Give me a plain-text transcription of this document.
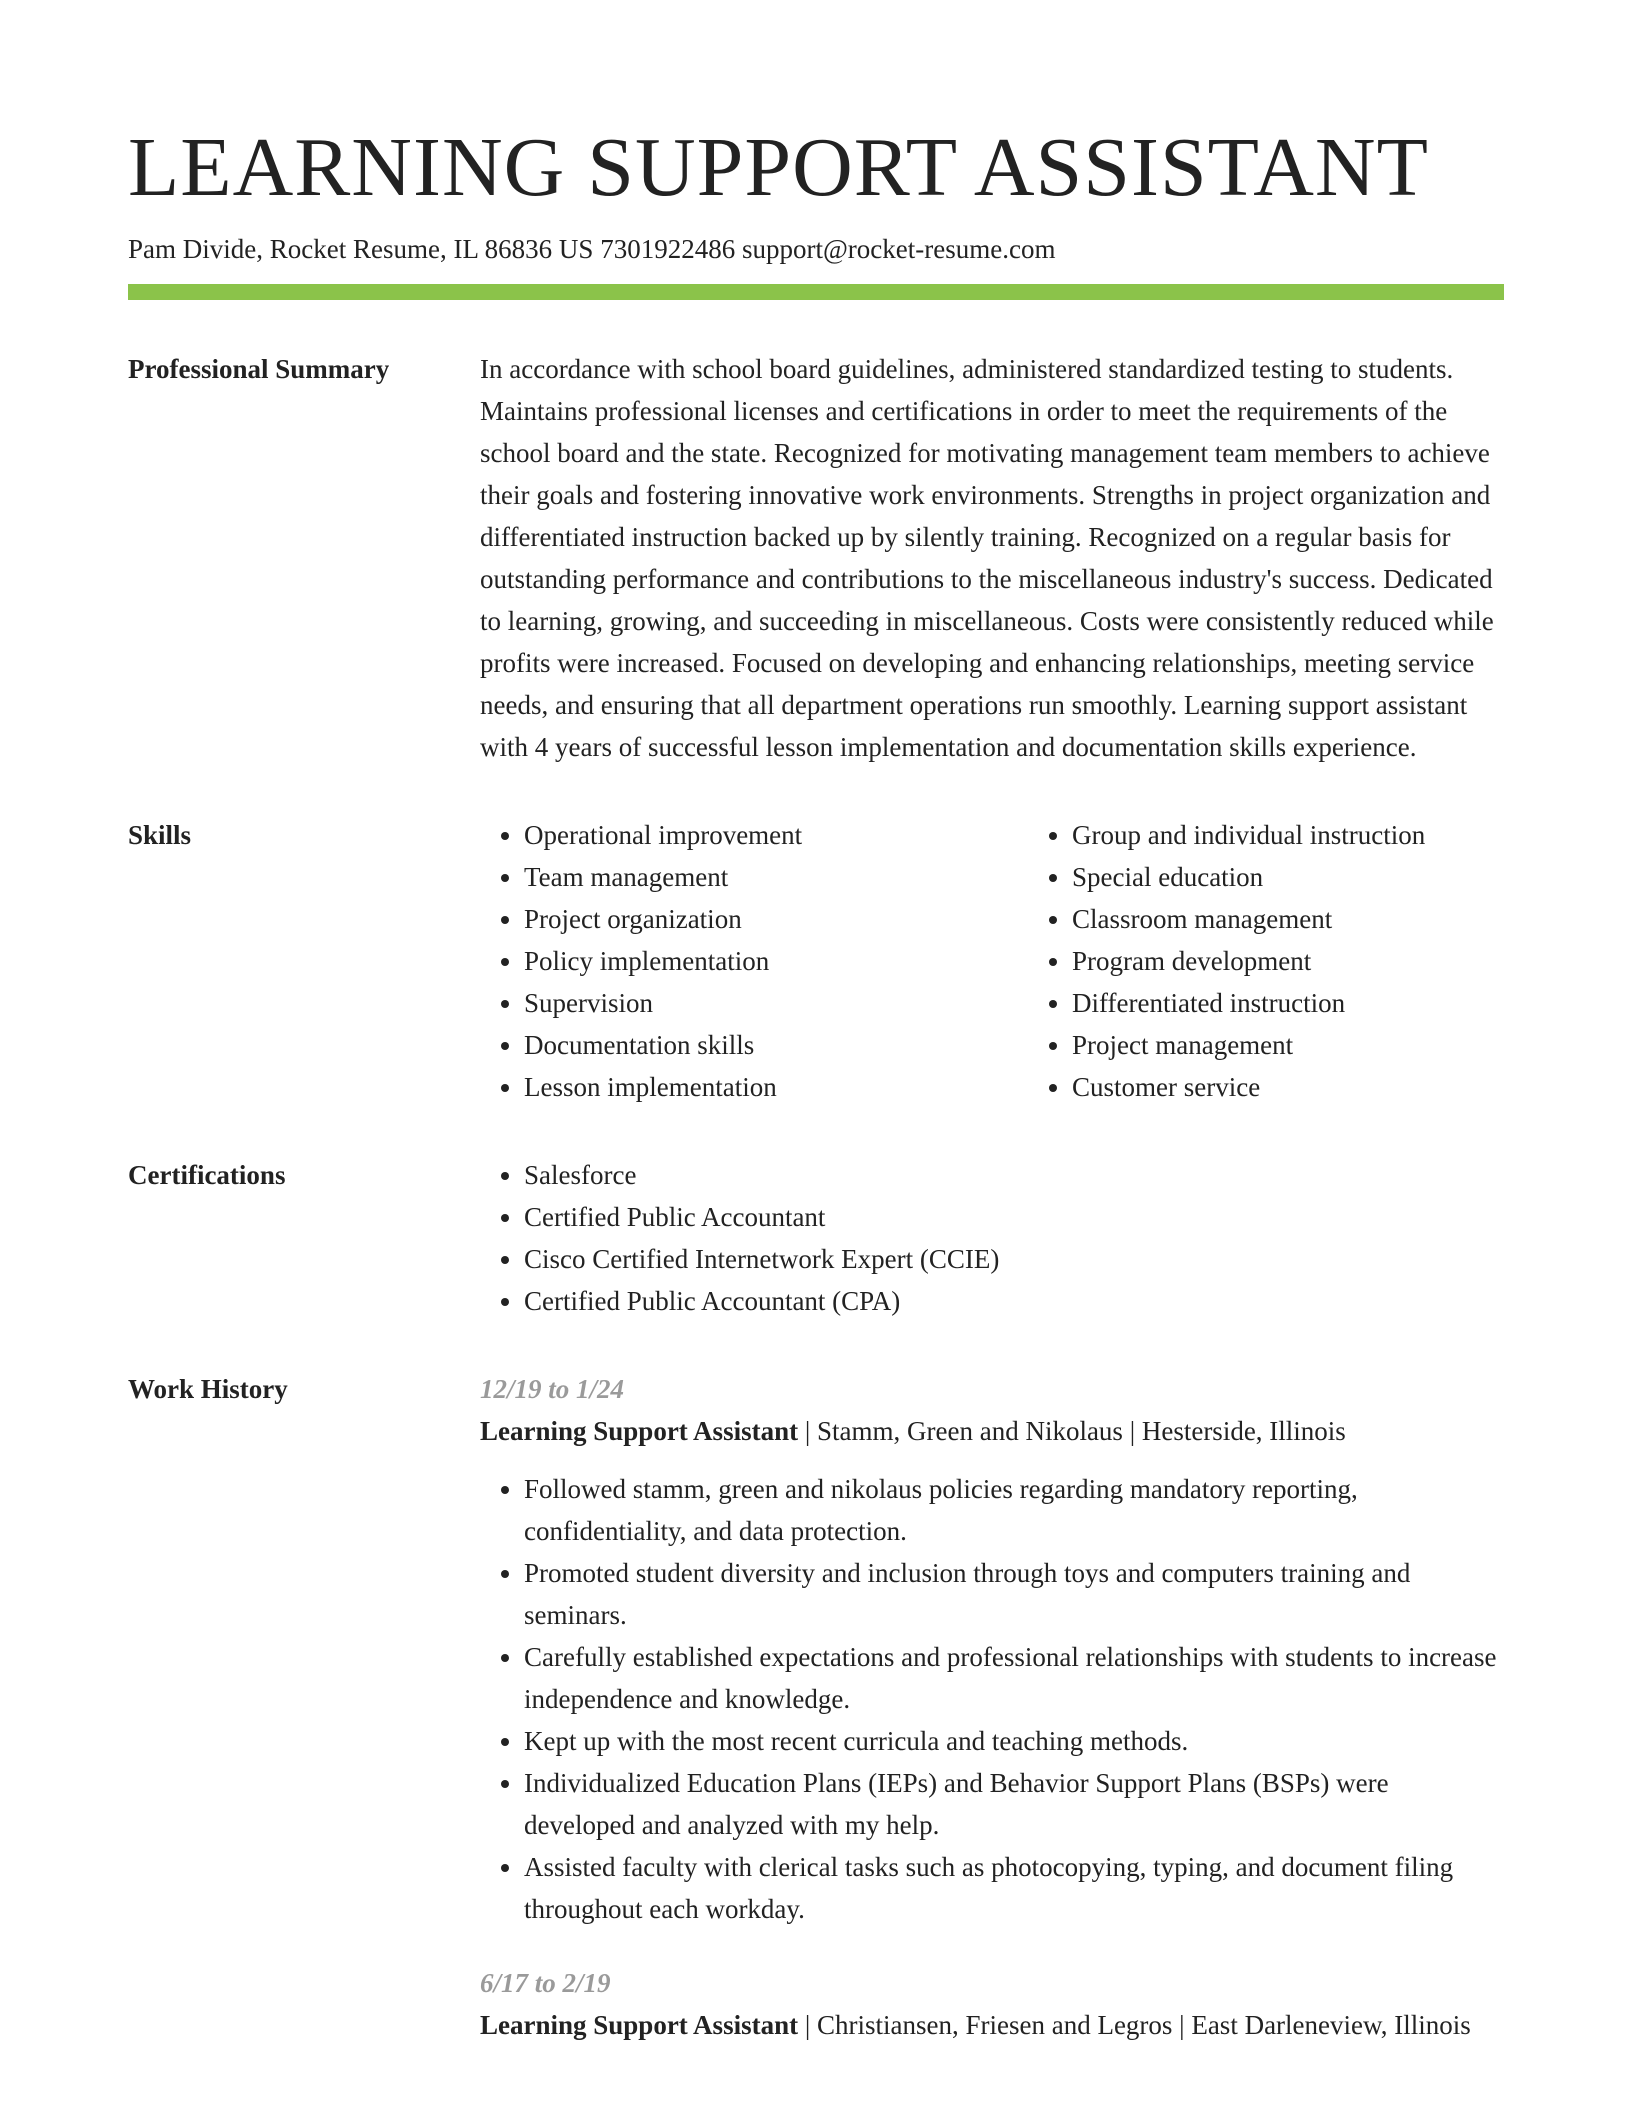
LEARNING SUPPORT ASSISTANT
Pam Divide, Rocket Resume, IL 86836 US 7301922486 support@rocket-resume.com
Professional Summary	In accordance with school board guidelines, administered standardized testing to students. Maintains professional licenses and certifications in order to meet the requirements of the school board and the state. Recognized for motivating management team members to achieve their goals and fostering innovative work environments. Strengths in project organization and differentiated instruction backed up by silently training. Recognized on a regular basis for outstanding performance and contributions to the miscellaneous industry's success. Dedicated to learning, growing, and succeeding in miscellaneous. Costs were consistently reduced while profits were increased. Focused on developing and enhancing relationships, meeting service needs, and ensuring that all department operations run smoothly. Learning support assistant with 4 years of successful lesson implementation and documentation skills experience.

Skills	• Operational improvement
• Team management
• Project organization
• Policy implementation
• Supervision
• Documentation skills
• Lesson implementation
• Group and individual instruction
• Special education
• Classroom management
• Program development
• Differentiated instruction
• Project management
• Customer service
Certifications	• Salesforce
• Certified Public Accountant
• Cisco Certified Internetwork Expert (CCIE)
• Certified Public Accountant (CPA)
Work History	12/19 to 1/24
Learning Support Assistant | Stamm, Green and Nikolaus | Hesterside, Illinois
• Followed stamm, green and nikolaus policies regarding mandatory reporting, confidentiality, and data protection.
• Promoted student diversity and inclusion through toys and computers training and seminars.
• Carefully established expectations and professional relationships with students to increase independence and knowledge.
• Kept up with the most recent curricula and teaching methods.
• Individualized Education Plans (IEPs) and Behavior Support Plans (BSPs) were developed and analyzed with my help.
• Assisted faculty with clerical tasks such as photocopying, typing, and document filing throughout each workday.
6/17 to 2/19
Learning Support Assistant | Christiansen, Friesen and Legros | East Darleneview, Illinois
